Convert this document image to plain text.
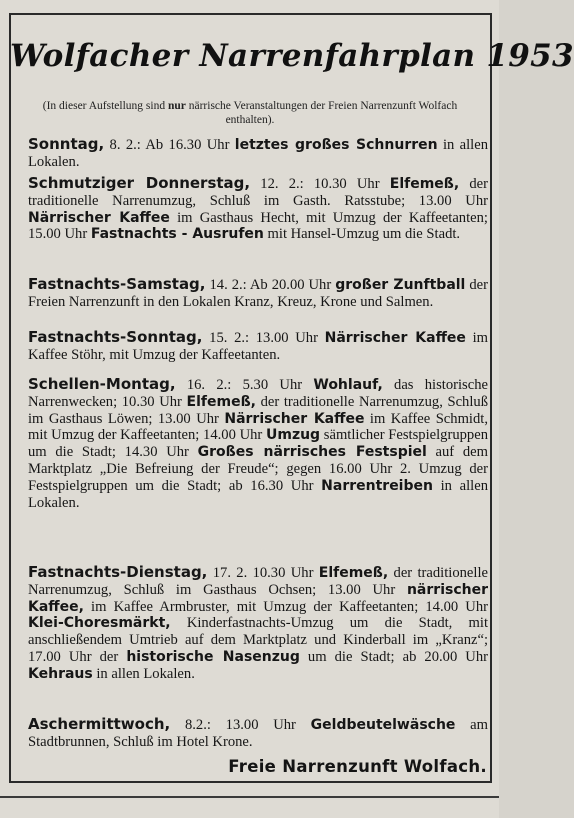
Wolfacher Narrenfahrplan 1953
(In dieser Aufstellung sind nur närrische Veranstaltungen der Freien Narrenzunft Wolfach enthalten).
Sonntag, 8. 2.: Ab 16.30 Uhr letztes großes Schnurren in allen Lokalen.
Schmutziger Donnerstag, 12. 2.: 10.30 Uhr Elfemeß, der traditionelle Narrenumzug, Schluß im Gasth. Ratsstube; 13.00 Uhr Närrischer Kaffee im Gasthaus Hecht, mit Umzug der Kaffeetanten; 15.00 Uhr Fastnachts - Ausrufen mit Hansel-Umzug um die Stadt.
Fastnachts-Samstag, 14. 2.: Ab 20.00 Uhr großer Zunftball der Freien Narrenzunft in den Lokalen Kranz, Kreuz, Krone und Salmen.
Fastnachts-Sonntag, 15. 2.: 13.00 Uhr Närrischer Kaffee im Kaffee Stöhr, mit Umzug der Kaffeetanten.
Schellen-Montag, 16. 2.: 5.30 Uhr Wohlauf, das historische Narrenwecken; 10.30 Uhr Elfemeß, der traditionelle Narrenumzug, Schluß im Gasthaus Löwen; 13.00 Uhr Närrischer Kaffee im Kaffee Schmidt, mit Umzug der Kaffeetanten; 14.00 Uhr Umzug sämtlicher Festspielgruppen um die Stadt; 14.30 Uhr Großes närrisches Festspiel auf dem Marktplatz „Die Befreiung der Freude“; gegen 16.00 Uhr 2. Umzug der Festspielgruppen um die Stadt; ab 16.30 Uhr Narrentreiben in allen Lokalen.
Fastnachts-Dienstag, 17. 2. 10.30 Uhr Elfemeß, der traditionelle Narrenumzug, Schluß im Gasthaus Ochsen; 13.00 Uhr närrischer Kaffee, im Kaffee Armbruster, mit Umzug der Kaffeetanten; 14.00 Uhr Klei-Choresmärkt, Kinderfastnachts-Umzug um die Stadt, mit anschließendem Umtrieb auf dem Marktplatz und Kinderball im „Kranz“; 17.00 Uhr der historische Nasenzug um die Stadt; ab 20.00 Uhr Kehraus in allen Lokalen.
Aschermittwoch, 8.2.: 13.00 Uhr Geldbeutelwäsche am Stadtbrunnen, Schluß im Hotel Krone.
Freie Narrenzunft Wolfach.
